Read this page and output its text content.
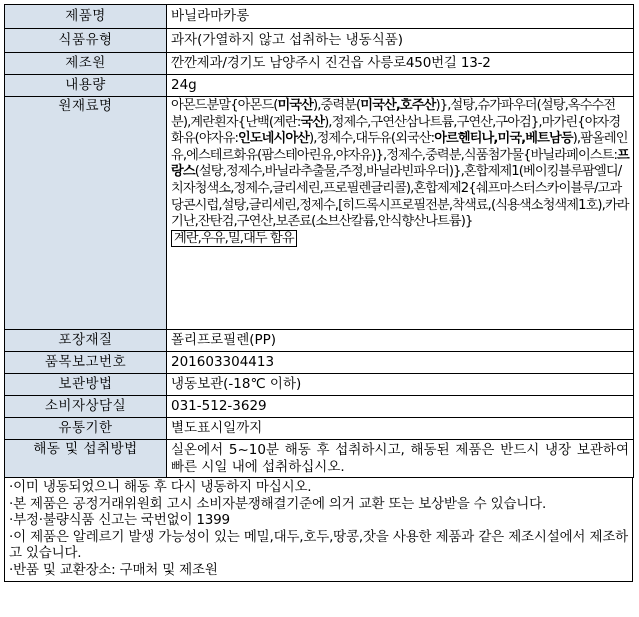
제품명	바닐라마카롱
식품유형	과자(가열하지 않고 섭취하는 냉동식품)
제조원	깐깐제과/경기도 남양주시 진건읍 사릉로450번길 13-2
내용량	24g
원재료명	아몬드분말{아몬드(미국산),중력분(미국산,호주산)},설탕,슈가파우더(설탕,옥수수전분),계란흰자{난백(계란:국산),정제수,구연산삼나트륨,구연산,구아검},마가린{야자경화유(야자유:인도네시아산),정제수,대두유(외국산:아르헨티나,미국,베트남등),팜올레인유,에스테르화유(팜스테아린유,야자유)},정제수,중력분,식품첨가물{바닐라페이스트:프랑스(설탕,정제수,바닐라추출물,주정,바닐라빈파우더)},혼합제제1(베이킹블루팜엘디/치자청색소,정제수,글리세린,프로필렌글리콜),혼합제제2{쉐프마스터스카이블루/고과당콘시럽,설탕,글리세린,정제수,[히드록시프로필전분,착색료,(식용색소청색제1호),카라기난,잔탄검,구연산,보존료(소브산칼륨,안식향산나트륨)}
계란,우유,밀,대두 함유
포장재질	폴리프로필렌(PP)
품목보고번호	201603304413
보관방법	냉동보관(-18℃ 이하)
소비자상담실	031-512-3629
유통기한	별도표시일까지
해동 및 섭취방법	실온에서 5~10분 해동 후 섭취하시고, 해동된 제품은 반드시 냉장 보관하여 빠른 시일 내에 섭취하십시오.

·이미 냉동되었으니 해동 후 다시 냉동하지 마십시오.

·본 제품은 공정거래위원회 고시 소비자분쟁해결기준에 의거 교환 또는 보상받을 수 있습니다.

·부정·불량식품 신고는 국번없이 1399

·이 제품은 알레르기 발생 가능성이 있는 메밀,대두,호두,땅콩,잣을 사용한 제품과 같은 제조시설에서 제조하고 있습니다.

·반품 및 교환장소: 구매처 및 제조원
